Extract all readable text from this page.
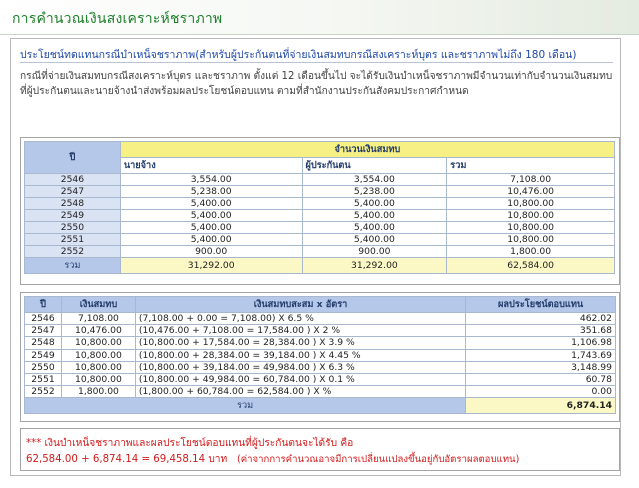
การคำนวณเงินสงเคราะห์ชราภาพ
ประโยชน์ทดแทนกรณีบำเหน็จชราภาพ(สำหรับผู้ประกันตนที่จ่ายเงินสมทบกรณีสงเคราะห์บุตร และชราภาพไม่ถึง 180 เดือน)
กรณีที่จ่ายเงินสมทบกรณีสงเคราะห์บุตร และชราภาพ ตั้งแต่ 12 เดือนขึ้นไป จะได้รับเงินบำเหน็จชราภาพมีจำนวนเท่ากับจำนวนเงินสมทบ ที่ผู้ประกันตนและนายจ้างนำส่งพร้อมผลประโยชน์ตอบแทน ตามที่สำนักงานประกันสังคมประกาศกำหนด
ปี	จำนวนเงินสมทบ		
	นายจ้าง	ผู้ประกันตน	รวม
2546	3,554.00	3,554.00	7,108.00
2547	5,238.00	5,238.00	10,476.00
2548	5,400.00	5,400.00	10,800.00
2549	5,400.00	5,400.00	10,800.00
2550	5,400.00	5,400.00	10,800.00
2551	5,400.00	5,400.00	10,800.00
2552	900.00	900.00	1,800.00
รวม	31,292.00	31,292.00	62,584.00
ปี	เงินสมทบ	เงินสมทบสะสม x อัตรา	ผลประโยชน์ตอบแทน
2546	7,108.00	(7,108.00 + 0.00 = 7,108.00) X 6.5 %	462.02
2547	10,476.00	(10,476.00 + 7,108.00 = 17,584.00 ) X 2 %	351.68
2548	10,800.00	(10,800.00 + 17,584.00 = 28,384.00 ) X 3.9 %	1,106.98
2549	10,800.00	(10,800.00 + 28,384.00 = 39,184.00 ) X 4.45 %	1,743.69
2550	10,800.00	(10,800.00 + 39,184.00 = 49,984.00 ) X 6.3 %	3,148.99
2551	10,800.00	(10,800.00 + 49,984.00 = 60,784.00 ) X 0.1 %	60.78
2552	1,800.00	(1,800.00 + 60,784.00 = 62,584.00 ) X %	0.00
รวม			6,874.14
*** เงินบำเหน็จชราภาพและผลประโยชน์ตอบแทนที่ผู้ประกันตนจะได้รับ คือ
62,584.00 + 6,874.14 = 69,458.14 บาท (ค่าจากการคำนวณอาจมีการเปลี่ยนแปลงขึ้นอยู่กับอัตราผลตอบแทน)
